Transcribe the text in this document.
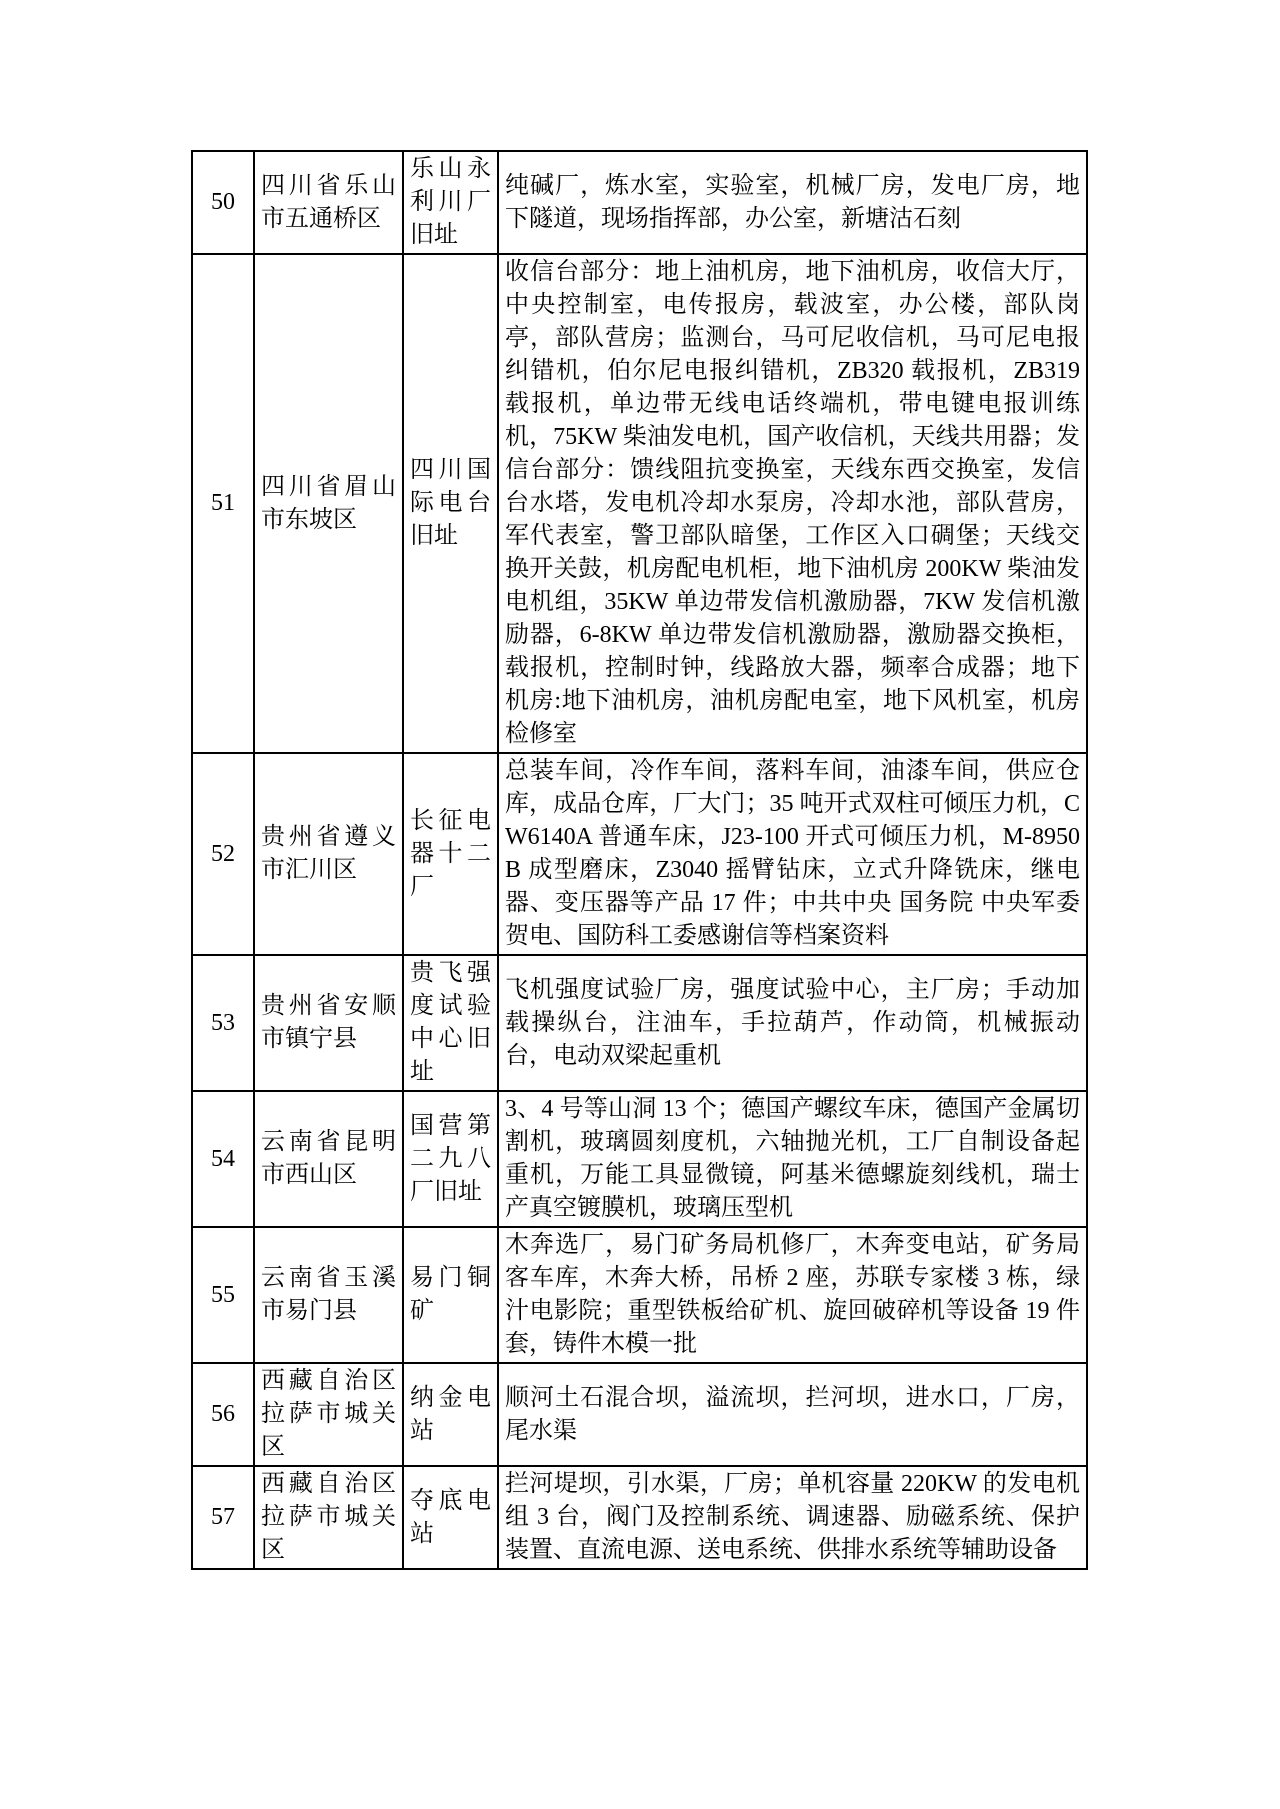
50	四川省乐山市五通桥区	乐山永利川厂旧址	纯碱厂，炼水室，实验室，机械厂房，发电厂房，地下隧道，现场指挥部，办公室，新塘沽石刻
51	四川省眉山市东坡区	四川国际电台旧址	收信台部分：地上油机房，地下油机房，收信大厅，中央控制室，电传报房，载波室，办公楼，部队岗亭，部队营房；监测台，马可尼收信机，马可尼电报纠错机，伯尔尼电报纠错机，ZB320 载报机，ZB319 载报机，单边带无线电话终端机，带电键电报训练机，75KW 柴油发电机，国产收信机，天线共用器；发信台部分：馈线阻抗变换室，天线东西交换室，发信台水塔，发电机冷却水泵房，冷却水池，部队营房，军代表室，警卫部队暗堡，工作区入口碉堡；天线交换开关鼓，机房配电机柜，地下油机房 200KW 柴油发电机组，35KW 单边带发信机激励器，7KW 发信机激励器，6-8KW 单边带发信机激励器，激励器交换柜，载报机，控制时钟，线路放大器，频率合成器；地下机房:地下油机房，油机房配电室，地下风机室，机房检修室
52	贵州省遵义市汇川区	长征电器十二厂	总装车间，冷作车间，落料车间，油漆车间，供应仓库，成品仓库，厂大门；35 吨开式双柱可倾压力机，CW6140A 普通车床，J23-100 开式可倾压力机，M-8950B 成型磨床，Z3040 摇臂钻床，立式升降铣床，继电器、变压器等产品 17 件；中共中央 国务院 中央军委贺电、国防科工委感谢信等档案资料
53	贵州省安顺市镇宁县	贵飞强度试验中心旧址	飞机强度试验厂房，强度试验中心，主厂房；手动加载操纵台，注油车，手拉葫芦，作动筒，机械振动台，电动双梁起重机
54	云南省昆明市西山区	国营第二九八厂旧址	3、4 号等山洞 13 个；德国产螺纹车床，德国产金属切割机，玻璃圆刻度机，六轴抛光机，工厂自制设备起重机，万能工具显微镜，阿基米德螺旋刻线机，瑞士产真空镀膜机，玻璃压型机
55	云南省玉溪市易门县	易门铜矿	木奔选厂，易门矿务局机修厂，木奔变电站，矿务局客车库，木奔大桥，吊桥 2 座，苏联专家楼 3 栋，绿汁电影院；重型铁板给矿机、旋回破碎机等设备 19 件套，铸件木模一批
56	西藏自治区拉萨市城关区	纳金电站	顺河土石混合坝，溢流坝，拦河坝，进水口，厂房，尾水渠
57	西藏自治区拉萨市城关区	夺底电站	拦河堤坝，引水渠，厂房；单机容量 220KW 的发电机组 3 台，阀门及控制系统、调速器、励磁系统、保护装置、直流电源、送电系统、供排水系统等辅助设备
